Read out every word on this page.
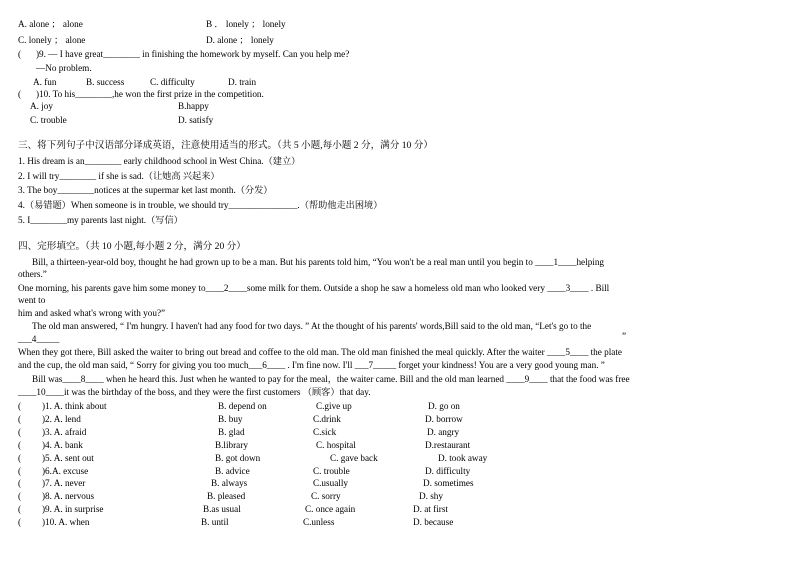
A. alone ； alone	B ． lonely ； lonely
C. lonely ； alone	D. alone ； lonely
( )9. — I have great________ in finishing the homework by myself. Can you help me?
—No problem.
A. fun	B. success	C. difficulty	D. train
( )10. To his________,he won the first prize in the competition.
A. joy	B.happy
C. trouble	D. satisfy
三、将下列句子中汉语部分译成英语，注意使用适当的形式。（共 5 小题,每小题 2 分，满分 10 分）
1. His dream is an________ early childhood school in West China.（建立）
2. I will try________ if she is sad.（让她高 兴起来）
3. The boy________notices at the supermar ket last month.（分发）
4.（易错题）When someone is in trouble, we should try_______________.（帮助他走出困境）
5. I________my parents last night.（写信）
四、完形填空。（共 10 小题,每小题 2 分，满分 20 分）
Bill, a thirteen-year-old boy, thought he had grown up to be a man. But his parents told him, “You won't be a real man until you begin to ____1____helping
others.”
One morning, his parents gave him some money to____2____some milk for them. Outside a shop he saw a homeless old man who looked very ____3____ . Bill
went to
him and asked what's wrong with you?”
The old man answered, “ I'm hungry. I haven't had any food for two days. ” At the thought of his parents' words,Bill said to the old man, “Let's go to the
___4_____	”
When they got there, Bill asked the waiter to bring out bread and coffee to the old man. The old man finished the meal quickly. After the waiter ____5____ the plate
and the cup, the old man said, “ Sorry for giving you too much___6____ . I'm fine now. I'll ___7_____ forget your kindness! You are a very good young man. ”
Bill was____8____ when he heard this. Just when he wanted to pay for the meal，the waiter came. Bill and the old man learned ____9____ that the food was free
____10____it was the birthday of the boss, and they were the first customers （顾客）that day.
( )1. A. think about	B. depend on	C.give up	D. go on
( )2. A. lend	B. buy	C.drink	D. borrow
( )3. A. afraid	B. glad	C.sick	D. angry
( )4. A. bank	B.library	C. hospital	D.restaurant
( )5. A. sent out	B. got down	C. gave back	D. took away
( )6.A. excuse	B. advice	C. trouble	D. difficulty
( )7. A. never	B. always	C.usually	D. sometimes
( )8. A. nervous	B. pleased	C. sorry	D. shy
( )9. A. in surprise	B.as usual	C. once again	D. at first
( )10. A. when	B. until	C.unless	D. because
